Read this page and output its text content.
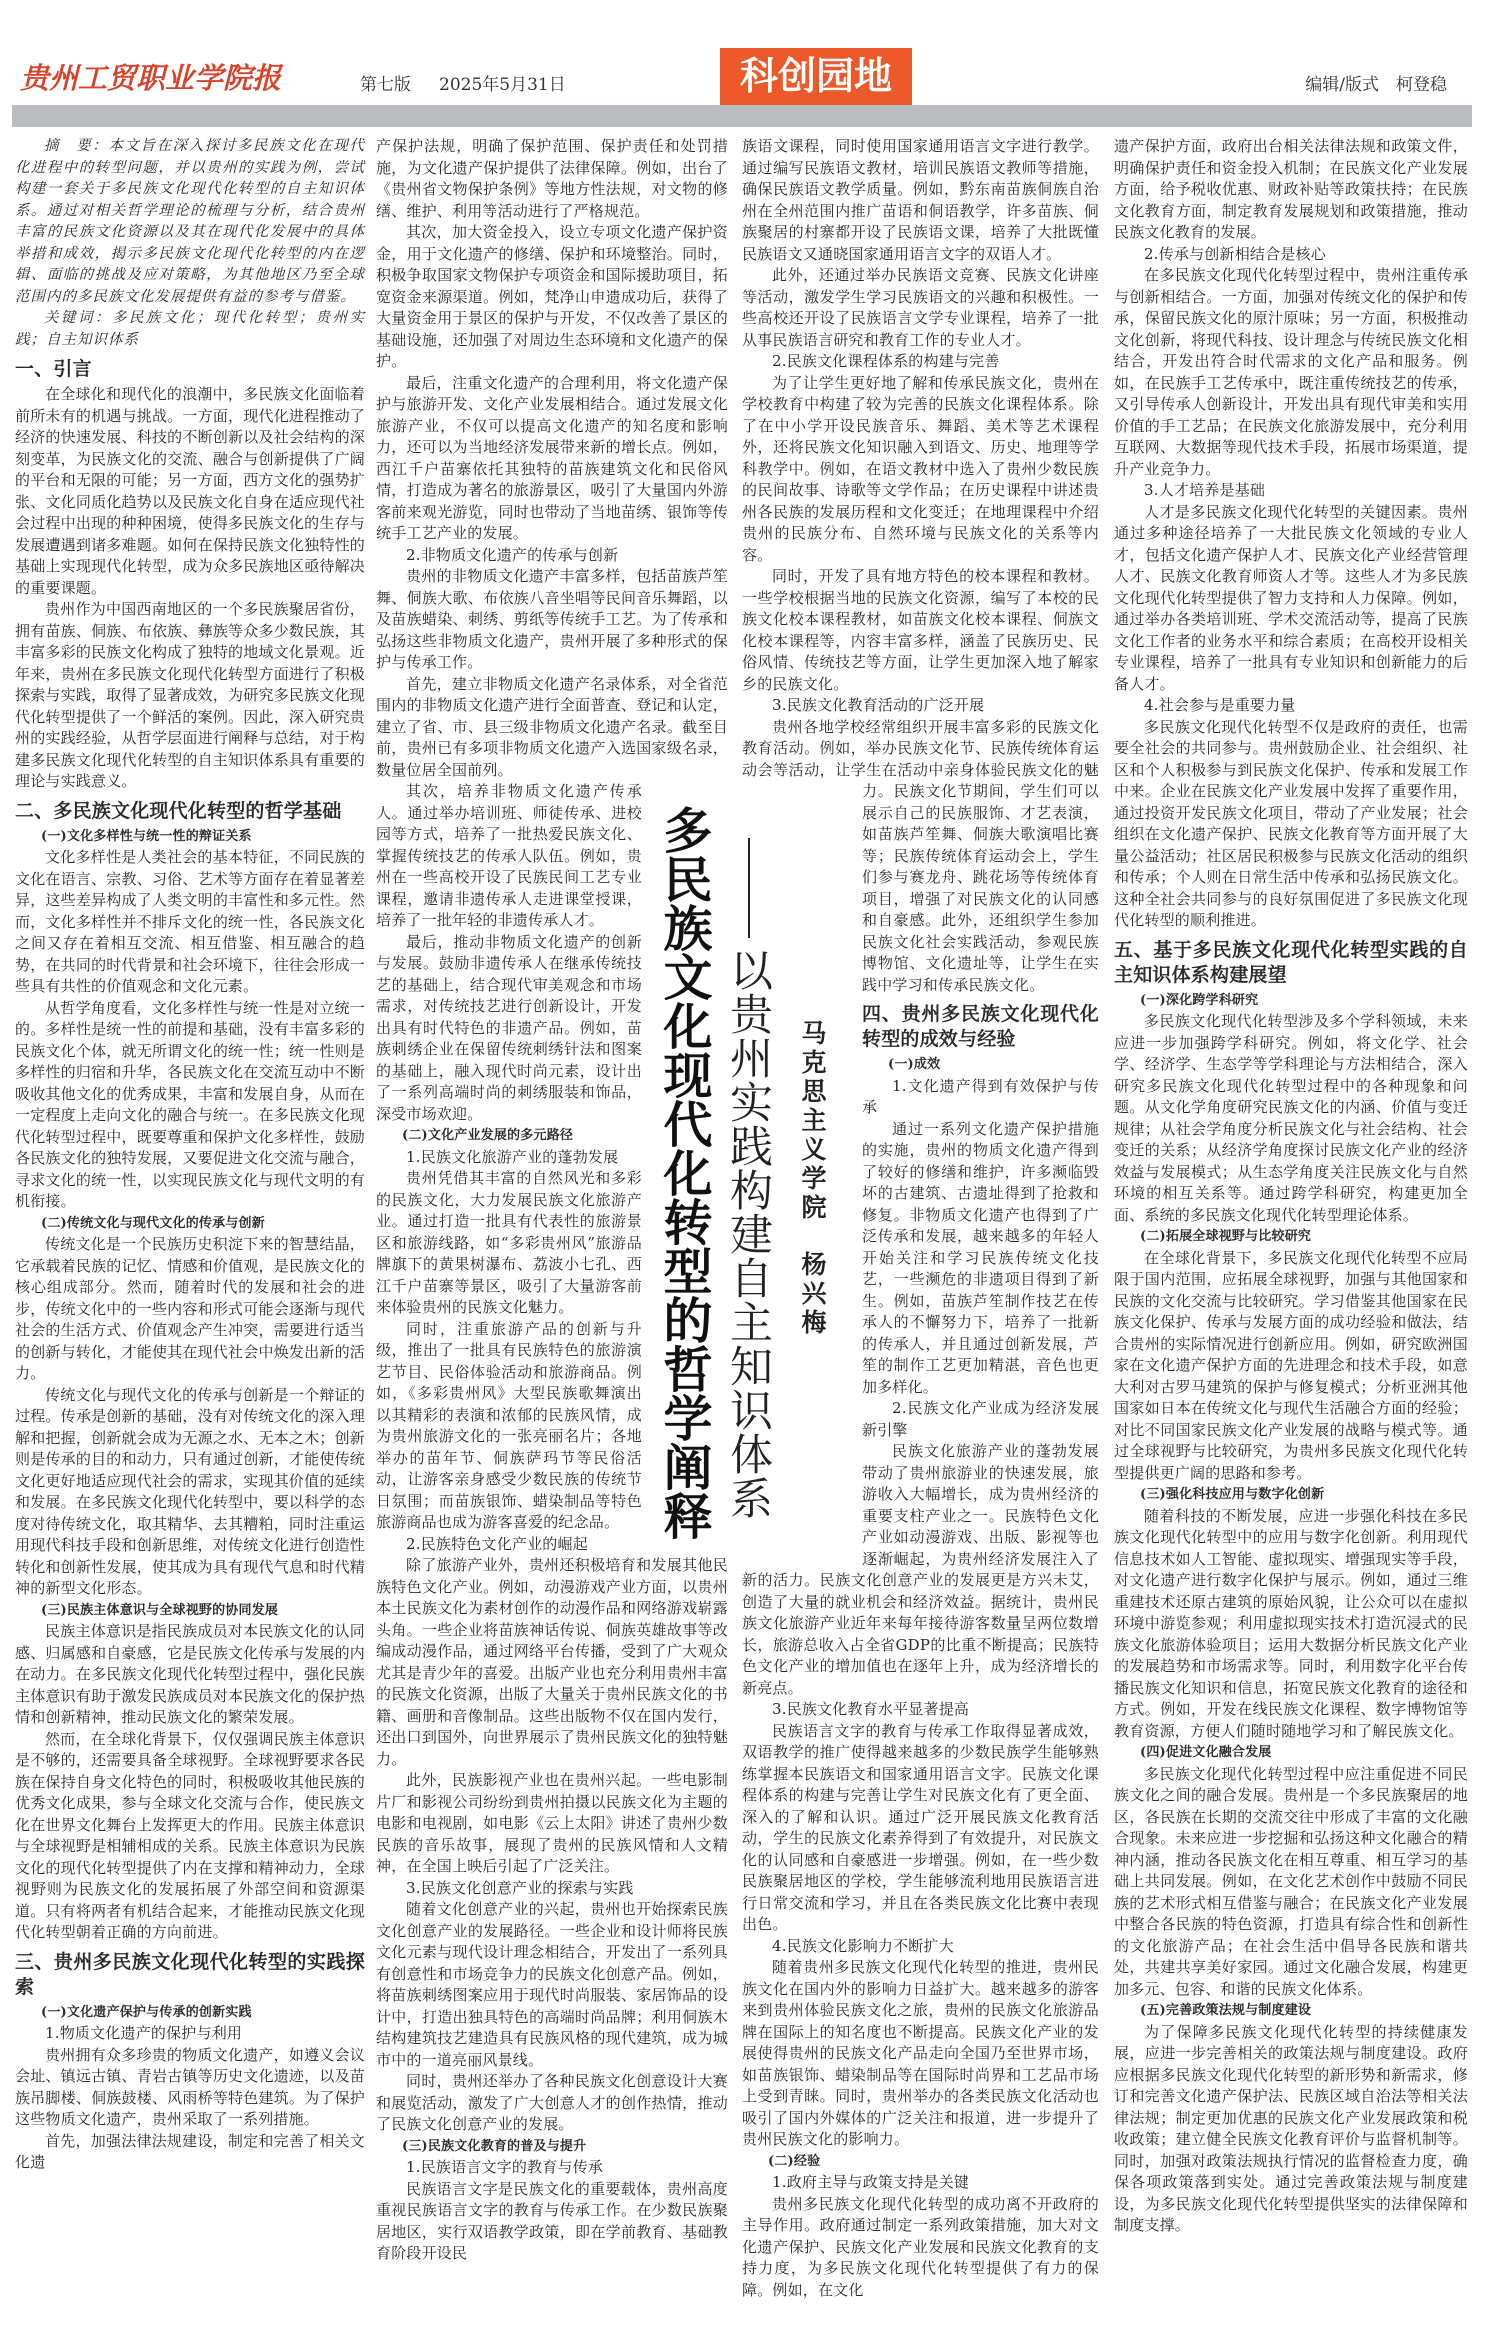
贵州工贸职业学院报	第七版 2025年5月31日	科创园地	编辑/版式　柯登稳

摘　要：本文旨在深入探讨多民族文化在现代化进程中的转型问题，并以贵州的实践为例，尝试构建一套关于多民族文化现代化转型的自主知识体系。通过对相关哲学理论的梳理与分析，结合贵州丰富的民族文化资源以及其在现代化发展中的具体举措和成效，揭示多民族文化现代化转型的内在逻辑、面临的挑战及应对策略，为其他地区乃至全球范围内的多民族文化发展提供有益的参考与借鉴。

关键词：多民族文化；现代化转型；贵州实践；自主知识体系

一、引言

在全球化和现代化的浪潮中，多民族文化面临着前所未有的机遇与挑战。一方面，现代化进程推动了经济的快速发展、科技的不断创新以及社会结构的深刻变革，为民族文化的交流、融合与创新提供了广阔的平台和无限的可能；另一方面，西方文化的强势扩张、文化同质化趋势以及民族文化自身在适应现代社会过程中出现的种种困境，使得多民族文化的生存与发展遭遇到诸多难题。如何在保持民族文化独特性的基础上实现现代化转型，成为众多民族地区亟待解决的重要课题。

贵州作为中国西南地区的一个多民族聚居省份，拥有苗族、侗族、布依族、彝族等众多少数民族，其丰富多彩的民族文化构成了独特的地域文化景观。近年来，贵州在多民族文化现代化转型方面进行了积极探索与实践，取得了显著成效，为研究多民族文化现代化转型提供了一个鲜活的案例。因此，深入研究贵州的实践经验，从哲学层面进行阐释与总结，对于构建多民族文化现代化转型的自主知识体系具有重要的理论与实践意义。

二、多民族文化现代化转型的哲学基础
(一)文化多样性与统一性的辩证关系

文化多样性是人类社会的基本特征，不同民族的文化在语言、宗教、习俗、艺术等方面存在着显著差异，这些差异构成了人类文明的丰富性和多元性。然而，文化多样性并不排斥文化的统一性，各民族文化之间又存在着相互交流、相互借鉴、相互融合的趋势，在共同的时代背景和社会环境下，往往会形成一些具有共性的价值观念和文化元素。

从哲学角度看，文化多样性与统一性是对立统一的。多样性是统一性的前提和基础，没有丰富多彩的民族文化个体，就无所谓文化的统一性；统一性则是多样性的归宿和升华，各民族文化在交流互动中不断吸收其他文化的优秀成果，丰富和发展自身，从而在一定程度上走向文化的融合与统一。在多民族文化现代化转型过程中，既要尊重和保护文化多样性，鼓励各民族文化的独特发展，又要促进文化交流与融合，寻求文化的统一性，以实现民族文化与现代文明的有机衔接。

(二)传统文化与现代文化的传承与创新

传统文化是一个民族历史积淀下来的智慧结晶，它承载着民族的记忆、情感和价值观，是民族文化的核心组成部分。然而，随着时代的发展和社会的进步，传统文化中的一些内容和形式可能会逐渐与现代社会的生活方式、价值观念产生冲突，需要进行适当的创新与转化，才能使其在现代社会中焕发出新的活力。

传统文化与现代文化的传承与创新是一个辩证的过程。传承是创新的基础，没有对传统文化的深入理解和把握，创新就会成为无源之水、无本之木；创新则是传承的目的和动力，只有通过创新，才能使传统文化更好地适应现代社会的需求，实现其价值的延续和发展。在多民族文化现代化转型中，要以科学的态度对待传统文化，取其精华、去其糟粕，同时注重运用现代科技手段和创新思维，对传统文化进行创造性转化和创新性发展，使其成为具有现代气息和时代精神的新型文化形态。

(三)民族主体意识与全球视野的协同发展

民族主体意识是指民族成员对本民族文化的认同感、归属感和自豪感，它是民族文化传承与发展的内在动力。在多民族文化现代化转型过程中，强化民族主体意识有助于激发民族成员对本民族文化的保护热情和创新精神，推动民族文化的繁荣发展。

然而，在全球化背景下，仅仅强调民族主体意识是不够的，还需要具备全球视野。全球视野要求各民族在保持自身文化特色的同时，积极吸收其他民族的优秀文化成果，参与全球文化交流与合作，使民族文化在世界文化舞台上发挥更大的作用。民族主体意识与全球视野是相辅相成的关系。民族主体意识为民族文化的现代化转型提供了内在支撑和精神动力，全球视野则为民族文化的发展拓展了外部空间和资源渠道。只有将两者有机结合起来，才能推动民族文化现代化转型朝着正确的方向前进。

三、贵州多民族文化现代化转型的实践探索
(一)文化遗产保护与传承的创新实践
1.物质文化遗产的保护与利用

贵州拥有众多珍贵的物质文化遗产，如遵义会议会址、镇远古镇、青岩古镇等历史文化遗迹，以及苗族吊脚楼、侗族鼓楼、风雨桥等特色建筑。为了保护这些物质文化遗产，贵州采取了一系列措施。

首先，加强法律法规建设，制定和完善了相关文化遗

产保护法规，明确了保护范围、保护责任和处罚措施，为文化遗产保护提供了法律保障。例如，出台了《贵州省文物保护条例》等地方性法规，对文物的修缮、维护、利用等活动进行了严格规范。

其次，加大资金投入，设立专项文化遗产保护资金，用于文化遗产的修缮、保护和环境整治。同时，积极争取国家文物保护专项资金和国际援助项目，拓宽资金来源渠道。例如，梵净山申遗成功后，获得了大量资金用于景区的保护与开发，不仅改善了景区的基础设施，还加强了对周边生态环境和文化遗产的保护。

最后，注重文化遗产的合理利用，将文化遗产保护与旅游开发、文化产业发展相结合。通过发展文化旅游产业，不仅可以提高文化遗产的知名度和影响力，还可以为当地经济发展带来新的增长点。例如，西江千户苗寨依托其独特的苗族建筑文化和民俗风情，打造成为著名的旅游景区，吸引了大量国内外游客前来观光游览，同时也带动了当地苗绣、银饰等传统手工艺产业的发展。

2.非物质文化遗产的传承与创新

贵州的非物质文化遗产丰富多样，包括苗族芦笙舞、侗族大歌、布依族八音坐唱等民间音乐舞蹈，以及苗族蜡染、刺绣、剪纸等传统手工艺。为了传承和弘扬这些非物质文化遗产，贵州开展了多种形式的保护与传承工作。

首先，建立非物质文化遗产名录体系，对全省范围内的非物质文化遗产进行全面普查、登记和认定，建立了省、市、县三级非物质文化遗产名录。截至目前，贵州已有多项非物质文化遗产入选国家级名录，数量位居全国前列。

其次，培养非物质文化遗产传承人。通过举办培训班、师徒传承、进校园等方式，培养了一批热爱民族文化、掌握传统技艺的传承人队伍。例如，贵州在一些高校开设了民族民间工艺专业课程，邀请非遗传承人走进课堂授课，培养了一批年轻的非遗传承人才。

最后，推动非物质文化遗产的创新与发展。鼓励非遗传承人在继承传统技艺的基础上，结合现代审美观念和市场需求，对传统技艺进行创新设计，开发出具有时代特色的非遗产品。例如，苗族刺绣企业在保留传统刺绣针法和图案的基础上，融入现代时尚元素，设计出了一系列高端时尚的刺绣服装和饰品，深受市场欢迎。

(二)文化产业发展的多元路径
1.民族文化旅游产业的蓬勃发展

贵州凭借其丰富的自然风光和多彩的民族文化，大力发展民族文化旅游产业。通过打造一批具有代表性的旅游景区和旅游线路，如“多彩贵州风”旅游品牌旗下的黄果树瀑布、荔波小七孔、西江千户苗寨等景区，吸引了大量游客前来体验贵州的民族文化魅力。

同时，注重旅游产品的创新与升级，推出了一批具有民族特色的旅游演艺节目、民俗体验活动和旅游商品。例如，《多彩贵州风》大型民族歌舞演出以其精彩的表演和浓郁的民族风情，成为贵州旅游文化的一张亮丽名片；各地举办的苗年节、侗族萨玛节等民俗活动，让游客亲身感受少数民族的传统节日氛围；而苗族银饰、蜡染制品等特色旅游商品也成为游客喜爱的纪念品。

2.民族特色文化产业的崛起

除了旅游产业外，贵州还积极培育和发展其他民族特色文化产业。例如，动漫游戏产业方面，以贵州本土民族文化为素材创作的动漫作品和网络游戏崭露头角。一些企业将苗族神话传说、侗族英雄故事等改编成动漫作品，通过网络平台传播，受到了广大观众尤其是青少年的喜爱。出版产业也充分利用贵州丰富的民族文化资源，出版了大量关于贵州民族文化的书籍、画册和音像制品。这些出版物不仅在国内发行，还出口到国外，向世界展示了贵州民族文化的独特魅力。

此外，民族影视产业也在贵州兴起。一些电影制片厂和影视公司纷纷到贵州拍摄以民族文化为主题的电影和电视剧，如电影《云上太阳》讲述了贵州少数民族的音乐故事，展现了贵州的民族风情和人文精神，在全国上映后引起了广泛关注。

3.民族文化创意产业的探索与实践

随着文化创意产业的兴起，贵州也开始探索民族文化创意产业的发展路径。一些企业和设计师将民族文化元素与现代设计理念相结合，开发出了一系列具有创意性和市场竞争力的民族文化创意产品。例如，将苗族刺绣图案应用于现代时尚服装、家居饰品的设计中，打造出独具特色的高端时尚品牌；利用侗族木结构建筑技艺建造具有民族风格的现代建筑，成为城市中的一道亮丽风景线。

同时，贵州还举办了各种民族文化创意设计大赛和展览活动，激发了广大创意人才的创作热情，推动了民族文化创意产业的发展。

(三)民族文化教育的普及与提升
1.民族语言文字的教育与传承

民族语言文字是民族文化的重要载体，贵州高度重视民族语言文字的教育与传承工作。在少数民族聚居地区，实行双语教学政策，即在学前教育、基础教育阶段开设民

族语文课程，同时使用国家通用语言文字进行教学。通过编写民族语文教材，培训民族语文教师等措施，确保民族语文教学质量。例如，黔东南苗族侗族自治州在全州范围内推广苗语和侗语教学，许多苗族、侗族聚居的村寨都开设了民族语文课，培养了大批既懂民族语文又通晓国家通用语言文字的双语人才。

此外，还通过举办民族语文竞赛、民族文化讲座等活动，激发学生学习民族语文的兴趣和积极性。一些高校还开设了民族语言文学专业课程，培养了一批从事民族语言研究和教育工作的专业人才。

2.民族文化课程体系的构建与完善

为了让学生更好地了解和传承民族文化，贵州在学校教育中构建了较为完善的民族文化课程体系。除了在中小学开设民族音乐、舞蹈、美术等艺术课程外，还将民族文化知识融入到语文、历史、地理等学科教学中。例如，在语文教材中选入了贵州少数民族的民间故事、诗歌等文学作品；在历史课程中讲述贵州各民族的发展历程和文化变迁；在地理课程中介绍贵州的民族分布、自然环境与民族文化的关系等内容。

同时，开发了具有地方特色的校本课程和教材。一些学校根据当地的民族文化资源，编写了本校的民族文化校本课程教材，如苗族文化校本课程、侗族文化校本课程等，内容丰富多样，涵盖了民族历史、民俗风情、传统技艺等方面，让学生更加深入地了解家乡的民族文化。

3.民族文化教育活动的广泛开展

贵州各地学校经常组织开展丰富多彩的民族文化教育活动。例如，举办民族文化节、民族传统体育运动会等活动，让学生在活动中亲身体验民族文化的魅力。民族文化节期间，学生们可以展示自己的民族服饰、才艺表演，如苗族芦笙舞、侗族大歌演唱比赛等；民族传统体育运动会上，学生们参与赛龙舟、跳花场等传统体育项目，增强了对民族文化的认同感和自豪感。此外，还组织学生参加民族文化社会实践活动，参观民族博物馆、文化遗址等，让学生在实践中学习和传承民族文化。

四、贵州多民族文化现代化转型的成效与经验
(一)成效
1.文化遗产得到有效保护与传承

通过一系列文化遗产保护措施的实施，贵州的物质文化遗产得到了较好的修缮和维护，许多濒临毁坏的古建筑、古遗址得到了抢救和修复。非物质文化遗产也得到了广泛传承和发展，越来越多的年轻人开始关注和学习民族传统文化技艺，一些濒危的非遗项目得到了新生。例如，苗族芦笙制作技艺在传承人的不懈努力下，培养了一批新的传承人，并且通过创新发展，芦笙的制作工艺更加精湛，音色也更加多样化。

2.民族文化产业成为经济发展新引擎

民族文化旅游产业的蓬勃发展带动了贵州旅游业的快速发展，旅游收入大幅增长，成为贵州经济的重要支柱产业之一。民族特色文化产业如动漫游戏、出版、影视等也逐渐崛起，为贵州经济发展注入了新的活力。民族文化创意产业的发展更是方兴未艾，创造了大量的就业机会和经济效益。据统计，贵州民族文化旅游产业近年来每年接待游客数量呈两位数增长，旅游总收入占全省GDP的比重不断提高；民族特色文化产业的增加值也在逐年上升，成为经济增长的新亮点。

3.民族文化教育水平显著提高

民族语言文字的教育与传承工作取得显著成效，双语教学的推广使得越来越多的少数民族学生能够熟练掌握本民族语文和国家通用语言文字。民族文化课程体系的构建与完善让学生对民族文化有了更全面、深入的了解和认识。通过广泛开展民族文化教育活动，学生的民族文化素养得到了有效提升，对民族文化的认同感和自豪感进一步增强。例如，在一些少数民族聚居地区的学校，学生能够流利地用民族语言进行日常交流和学习，并且在各类民族文化比赛中表现出色。

4.民族文化影响力不断扩大

随着贵州多民族文化现代化转型的推进，贵州民族文化在国内外的影响力日益扩大。越来越多的游客来到贵州体验民族文化之旅，贵州的民族文化旅游品牌在国际上的知名度也不断提高。民族文化产业的发展使得贵州的民族文化产品走向全国乃至世界市场，如苗族银饰、蜡染制品等在国际时尚界和工艺品市场上受到青睐。同时，贵州举办的各类民族文化活动也吸引了国内外媒体的广泛关注和报道，进一步提升了贵州民族文化的影响力。

(二)经验
1.政府主导与政策支持是关键

贵州多民族文化现代化转型的成功离不开政府的主导作用。政府通过制定一系列政策措施，加大对文化遗产保护、民族文化产业发展和民族文化教育的支持力度，为多民族文化现代化转型提供了有力的保障。例如，在文化

遗产保护方面，政府出台相关法律法规和政策文件，明确保护责任和资金投入机制；在民族文化产业发展方面，给予税收优惠、财政补贴等政策扶持；在民族文化教育方面，制定教育发展规划和政策措施，推动民族文化教育的发展。

2.传承与创新相结合是核心

在多民族文化现代化转型过程中，贵州注重传承与创新相结合。一方面，加强对传统文化的保护和传承，保留民族文化的原汁原味；另一方面，积极推动文化创新，将现代科技、设计理念与传统民族文化相结合，开发出符合时代需求的文化产品和服务。例如，在民族手工艺传承中，既注重传统技艺的传承，又引导传承人创新设计，开发出具有现代审美和实用价值的手工艺品；在民族文化旅游发展中，充分利用互联网、大数据等现代技术手段，拓展市场渠道，提升产业竞争力。

3.人才培养是基础

人才是多民族文化现代化转型的关键因素。贵州通过多种途径培养了一大批民族文化领域的专业人才，包括文化遗产保护人才、民族文化产业经营管理人才、民族文化教育师资人才等。这些人才为多民族文化现代化转型提供了智力支持和人力保障。例如，通过举办各类培训班、学术交流活动等，提高了民族文化工作者的业务水平和综合素质；在高校开设相关专业课程，培养了一批具有专业知识和创新能力的后备人才。

4.社会参与是重要力量

多民族文化现代化转型不仅是政府的责任，也需要全社会的共同参与。贵州鼓励企业、社会组织、社区和个人积极参与到民族文化保护、传承和发展工作中来。企业在民族文化产业发展中发挥了重要作用，通过投资开发民族文化项目，带动了产业发展；社会组织在文化遗产保护、民族文化教育等方面开展了大量公益活动；社区居民积极参与民族文化活动的组织和传承；个人则在日常生活中传承和弘扬民族文化。这种全社会共同参与的良好氛围促进了多民族文化现代化转型的顺利推进。

五、基于多民族文化现代化转型实践的自主知识体系构建展望
(一)深化跨学科研究

多民族文化现代化转型涉及多个学科领域，未来应进一步加强跨学科研究。例如，将文化学、社会学、经济学、生态学等学科理论与方法相结合，深入研究多民族文化现代化转型过程中的各种现象和问题。从文化学角度研究民族文化的内涵、价值与变迁规律；从社会学角度分析民族文化与社会结构、社会变迁的关系；从经济学角度探讨民族文化产业的经济效益与发展模式；从生态学角度关注民族文化与自然环境的相互关系等。通过跨学科研究，构建更加全面、系统的多民族文化现代化转型理论体系。

(二)拓展全球视野与比较研究

在全球化背景下，多民族文化现代化转型不应局限于国内范围，应拓展全球视野，加强与其他国家和民族的文化交流与比较研究。学习借鉴其他国家在民族文化保护、传承与发展方面的成功经验和做法，结合贵州的实际情况进行创新应用。例如，研究欧洲国家在文化遗产保护方面的先进理念和技术手段，如意大利对古罗马建筑的保护与修复模式；分析亚洲其他国家如日本在传统文化与现代生活融合方面的经验；对比不同国家民族文化产业发展的战略与模式等。通过全球视野与比较研究，为贵州多民族文化现代化转型提供更广阔的思路和参考。

(三)强化科技应用与数字化创新

随着科技的不断发展，应进一步强化科技在多民族文化现代化转型中的应用与数字化创新。利用现代信息技术如人工智能、虚拟现实、增强现实等手段，对文化遗产进行数字化保护与展示。例如，通过三维重建技术还原古建筑的原始风貌，让公众可以在虚拟环境中游览参观；利用虚拟现实技术打造沉浸式的民族文化旅游体验项目；运用大数据分析民族文化产业的发展趋势和市场需求等。同时，利用数字化平台传播民族文化知识和信息，拓宽民族文化教育的途径和方式。例如，开发在线民族文化课程、数字博物馆等教育资源，方便人们随时随地学习和了解民族文化。

(四)促进文化融合发展

多民族文化现代化转型过程中应注重促进不同民族文化之间的融合发展。贵州是一个多民族聚居的地区，各民族在长期的交流交往中形成了丰富的文化融合现象。未来应进一步挖掘和弘扬这种文化融合的精神内涵，推动各民族文化在相互尊重、相互学习的基础上共同发展。例如，在文化艺术创作中鼓励不同民族的艺术形式相互借鉴与融合；在民族文化产业发展中整合各民族的特色资源，打造具有综合性和创新性的文化旅游产品；在社会生活中倡导各民族和谐共处，共建共享美好家园。通过文化融合发展，构建更加多元、包容、和谐的民族文化体系。

(五)完善政策法规与制度建设

为了保障多民族文化现代化转型的持续健康发展，应进一步完善相关的政策法规与制度建设。政府应根据多民族文化现代化转型的新形势和新需求，修订和完善文化遗产保护法、民族区域自治法等相关法律法规；制定更加优惠的民族文化产业发展政策和税收政策；建立健全民族文化教育评价与监督机制等。同时，加强对政策法规执行情况的监督检查力度，确保各项政策落到实处。通过完善政策法规与制度建设，为多民族文化现代化转型提供坚实的法律保障和制度支撑。

多民族文化现代化转型的哲学阐释 以贵州实践构建自主知识体系 马克思主义学院杨兴梅
